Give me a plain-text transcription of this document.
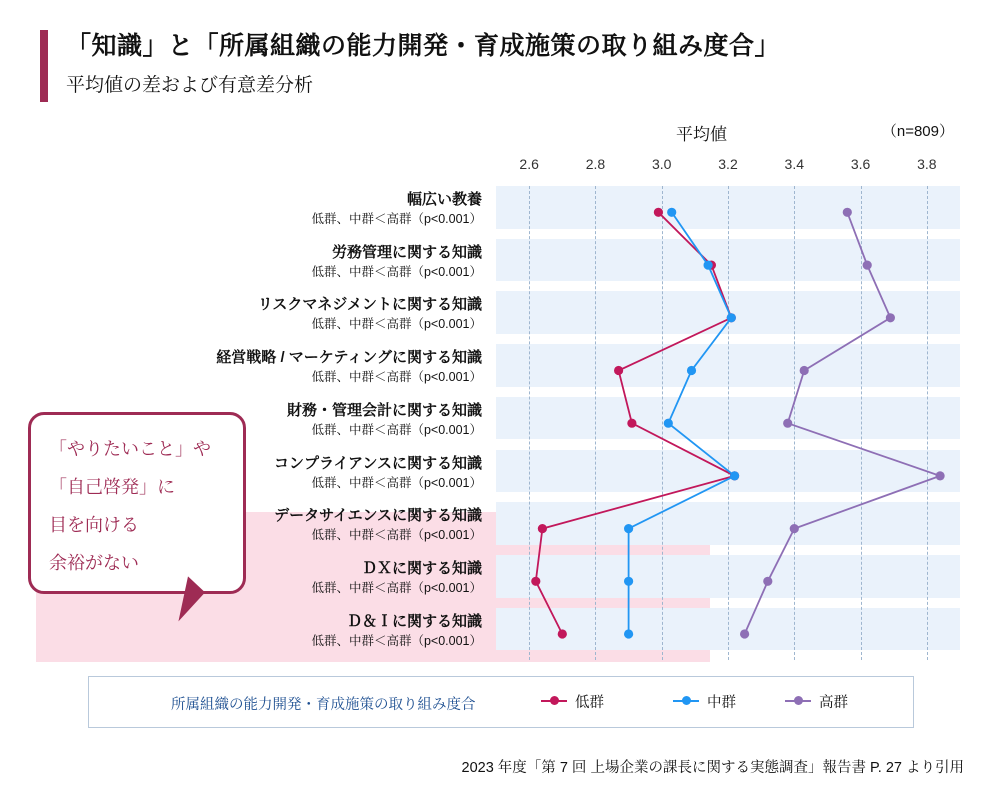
「知識」と「所属組織の能力開発・育成施策の取り組み度合」
平均値の差および有意差分析
平均値	（n=809）
2.6	2.8	3.0	3.2	3.4	3.6	3.8
幅広い教養
低群、中群＜高群（p<0.001）
労務管理に関する知識
低群、中群＜高群（p<0.001）
リスクマネジメントに関する知識
低群、中群＜高群（p<0.001）
経営戦略 / マーケティングに関する知識
低群、中群＜高群（p<0.001）
財務・管理会計に関する知識
低群、中群＜高群（p<0.001）
コンプライアンスに関する知識
低群、中群＜高群（p<0.001）
データサイエンスに関する知識
低群、中群＜高群（p<0.001）
ＤＸに関する知識
低群、中群＜高群（p<0.001）
Ｄ＆Ｉに関する知識
低群、中群＜高群（p<0.001）
「やりたいこと」や
「自己啓発」に
目を向ける
余裕がない
所属組織の能力開発・育成施策の取り組み度合	低群	中群	高群
2023 年度「第 7 回 上場企業の課長に関する実態調査」報告書 P. 27 より引用
